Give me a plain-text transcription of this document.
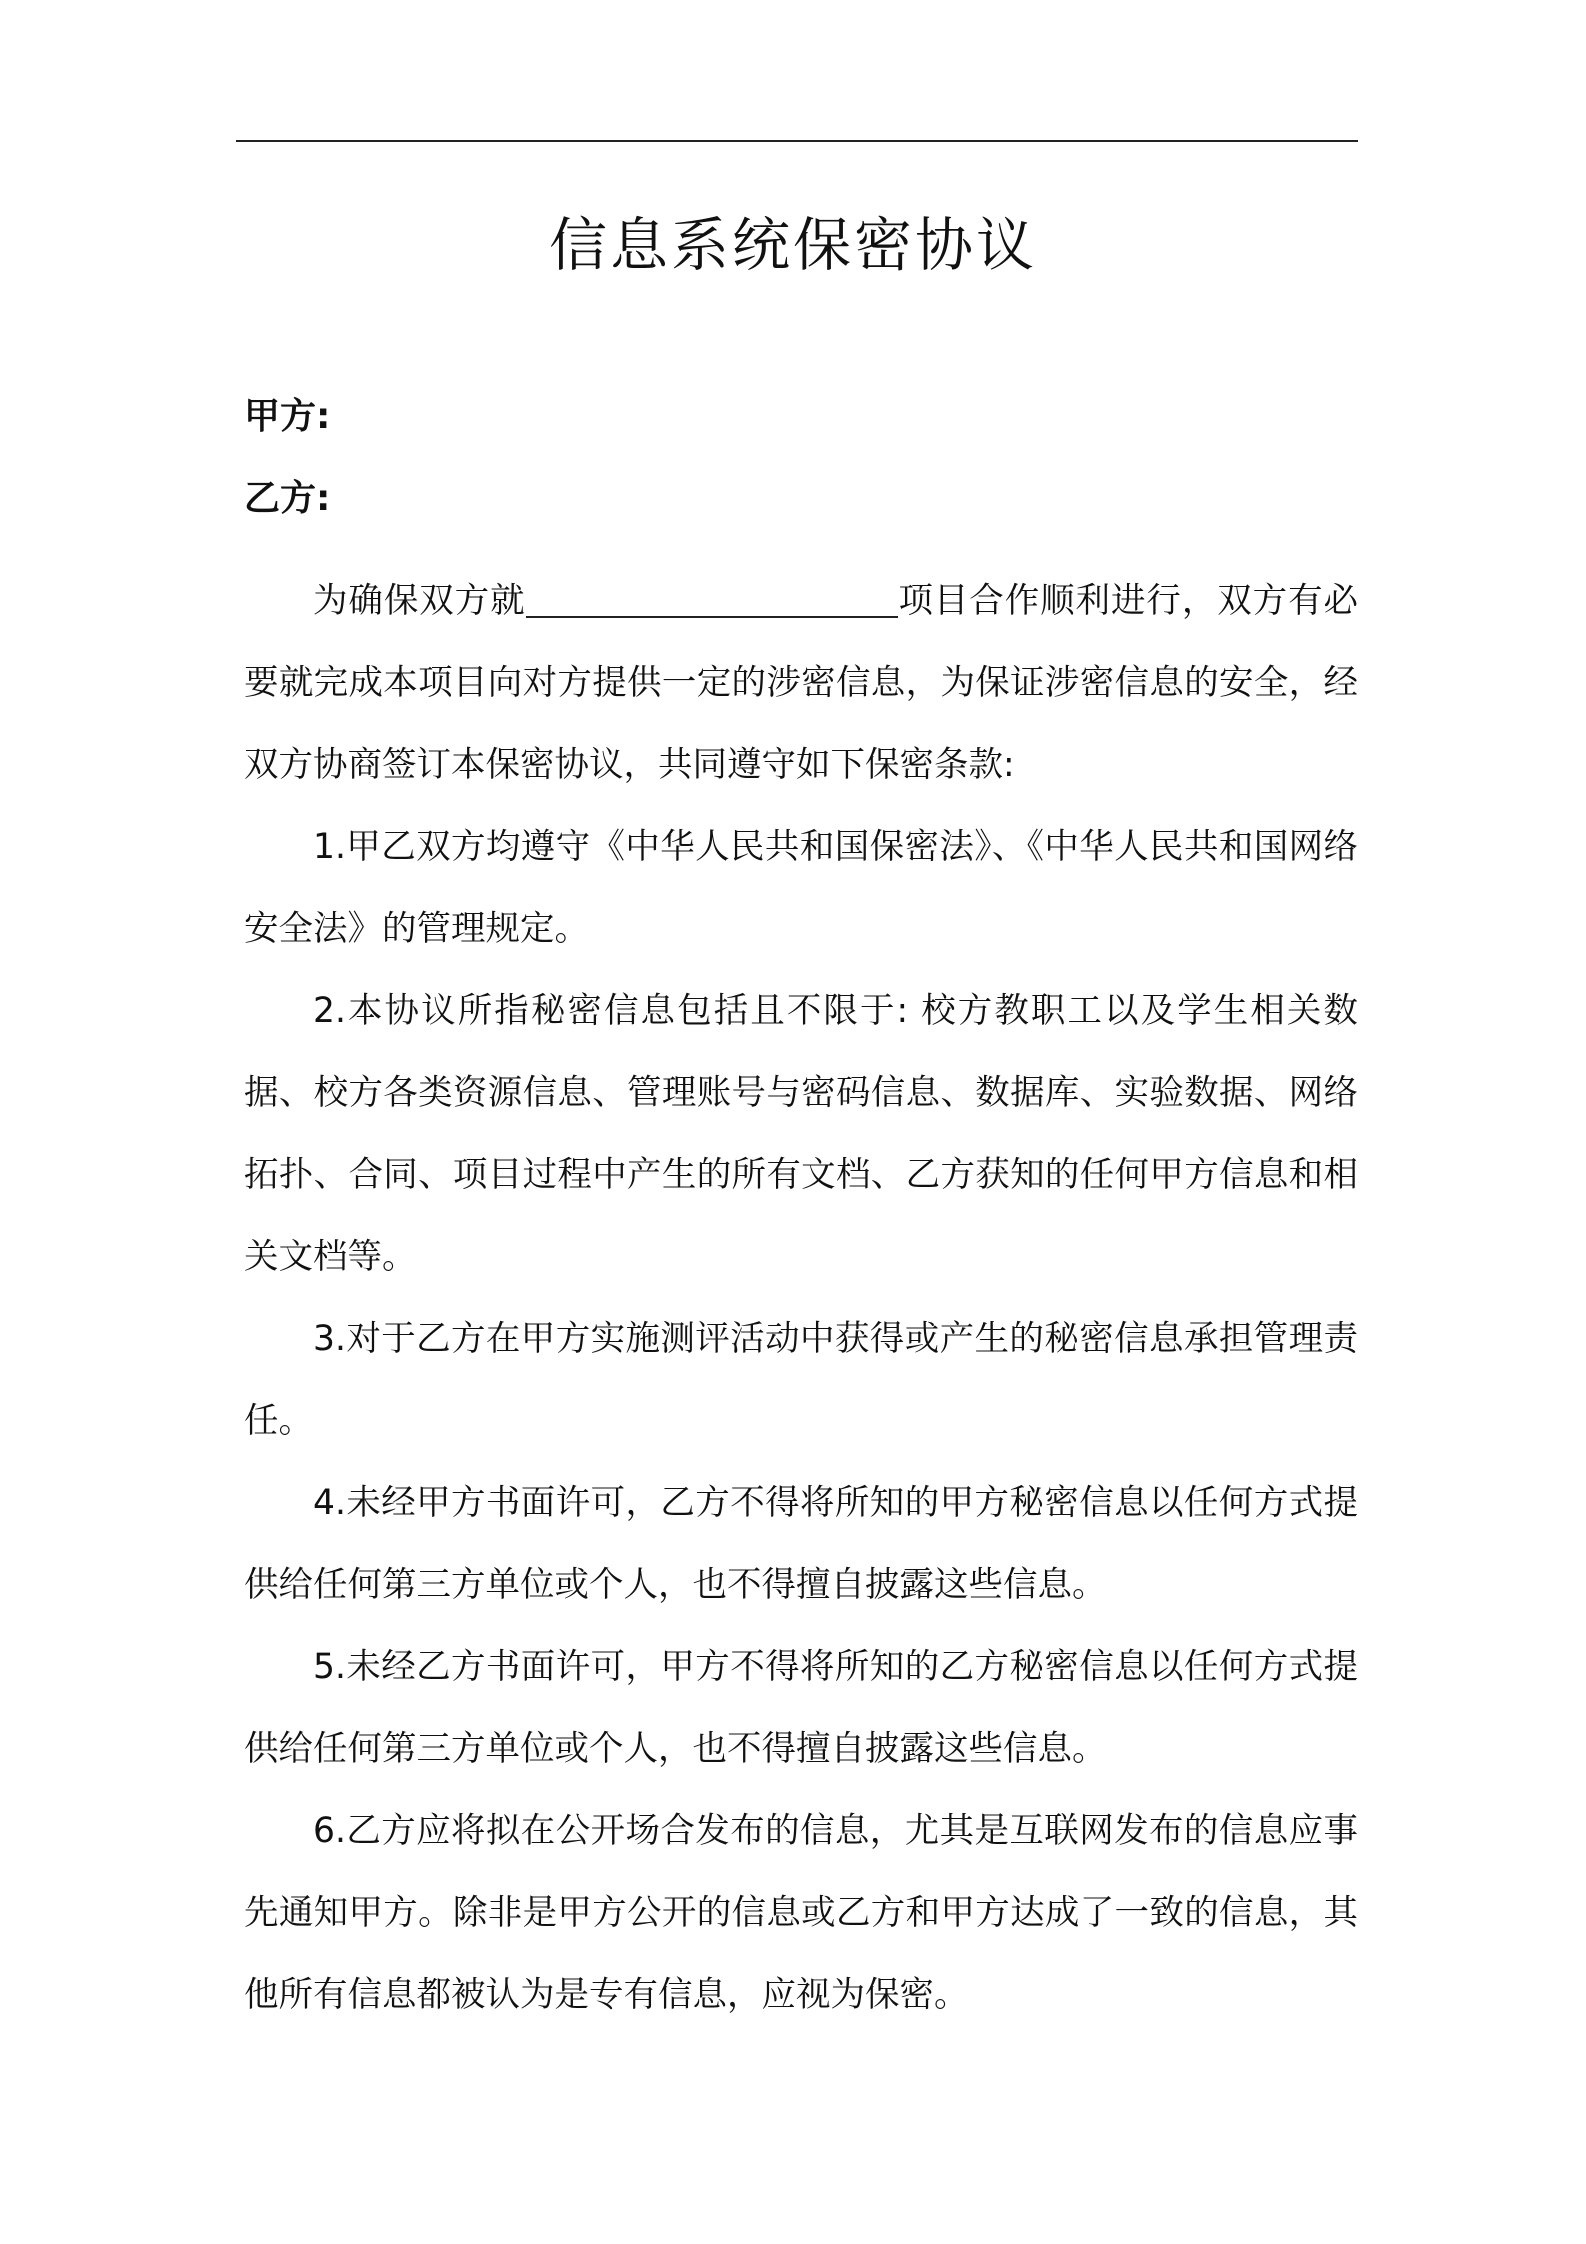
信息系统保密协议
甲方:
乙方:

为确保双方就	项目合作顺利进行，双方有必要就完成本项目向对方提供一定的涉密信息，为保证涉密信息的安全，经双方协商签订本保密协议，共同遵守如下保密条款:

1.甲乙双方均遵守《中华人民共和国保密法》、《中华人民共和国网络安全法》的管理规定。

2.本协议所指秘密信息包括且不限于: 校方教职工以及学生相关数据、校方各类资源信息、管理账号与密码信息、数据库、实验数据、网络拓扑、合同、项目过程中产生的所有文档、乙方获知的任何甲方信息和相关文档等。

3.对于乙方在甲方实施测评活动中获得或产生的秘密信息承担管理责任。

4.未经甲方书面许可，乙方不得将所知的甲方秘密信息以任何方式提供给任何第三方单位或个人，也不得擅自披露这些信息。

5.未经乙方书面许可，甲方不得将所知的乙方秘密信息以任何方式提供给任何第三方单位或个人，也不得擅自披露这些信息。

6.乙方应将拟在公开场合发布的信息，尤其是互联网发布的信息应事先通知甲方。除非是甲方公开的信息或乙方和甲方达成了一致的信息，其他所有信息都被认为是专有信息，应视为保密。
